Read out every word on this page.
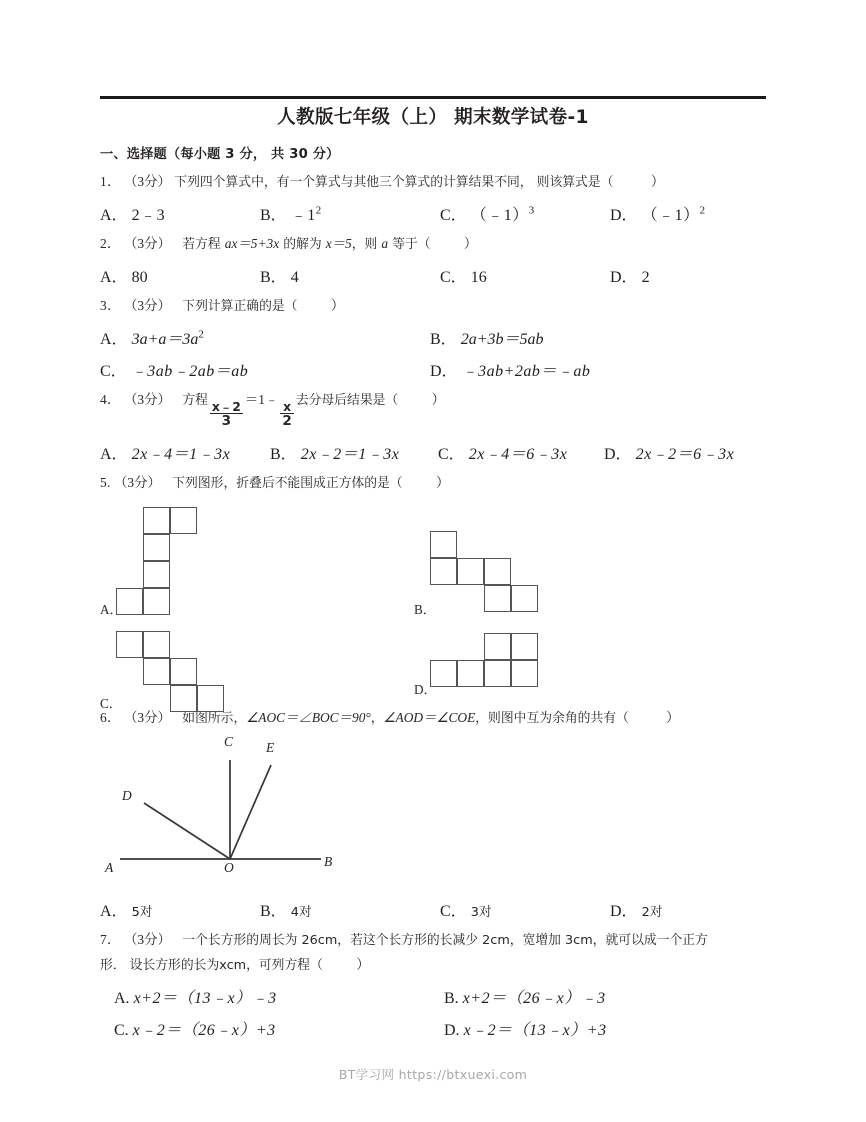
人教版七年级（上） 期末数学试卷-1
一、选择题（每小题 3 分， 共 30 分）
1． （3分） 下列四个算式中，有一个算式与其他三个算式的计算结果不同， 则该算式是（	）
A． 2﹣3	B． $﹣1^2$	C． （﹣1）$^3$	D． （﹣1）$^2$
2． （3分） 若方程 ax＝5+3x 的解为 x＝5，则 a 等于（ ）
A． 80	B． 4	C． 16	D． 2
3． （3分） 下列计算正确的是（ ）
A． $3a+a=3a^2$	B． 2a+3b＝5ab
C． ﹣3ab﹣2ab＝ab	D． ﹣3ab+2ab＝﹣ab
4． （3分） 方程 $\frac{x﹣2}{3}$
＝1﹣
$\frac{x}{2}$ 去分母后结果是（ ）
A． 2x﹣4＝1﹣3x	B． 2x﹣2＝1﹣3x	C． 2x﹣4＝6﹣3x	D． 2x﹣2＝6﹣3x
5. （3分） 下列图形，折叠后不能围成正方体的是（ ）
A．	B．
C．
D．
6． （3分） 如图所示，∠AOC＝∠BOC＝90°，∠AOD＝∠COE，则图中互为余角的共有（	）
C E
D
A	O	B
A． 5对	B． 4对	C． 3对	D． 2对
7． （3分） 一个长方形的周长为 26cm，若这个长方形的长减少 2cm，宽增加 3cm，就可以成一个正方
形． 设长方形的长为xcm，可列方程（ ）
A. x+2＝（13﹣x）﹣3	B. x+2＝（26﹣x）﹣3
C. x﹣2＝（26﹣x）+3	D. x﹣2＝（13﹣x）+3
BT学习网 https://btxuexi.com
